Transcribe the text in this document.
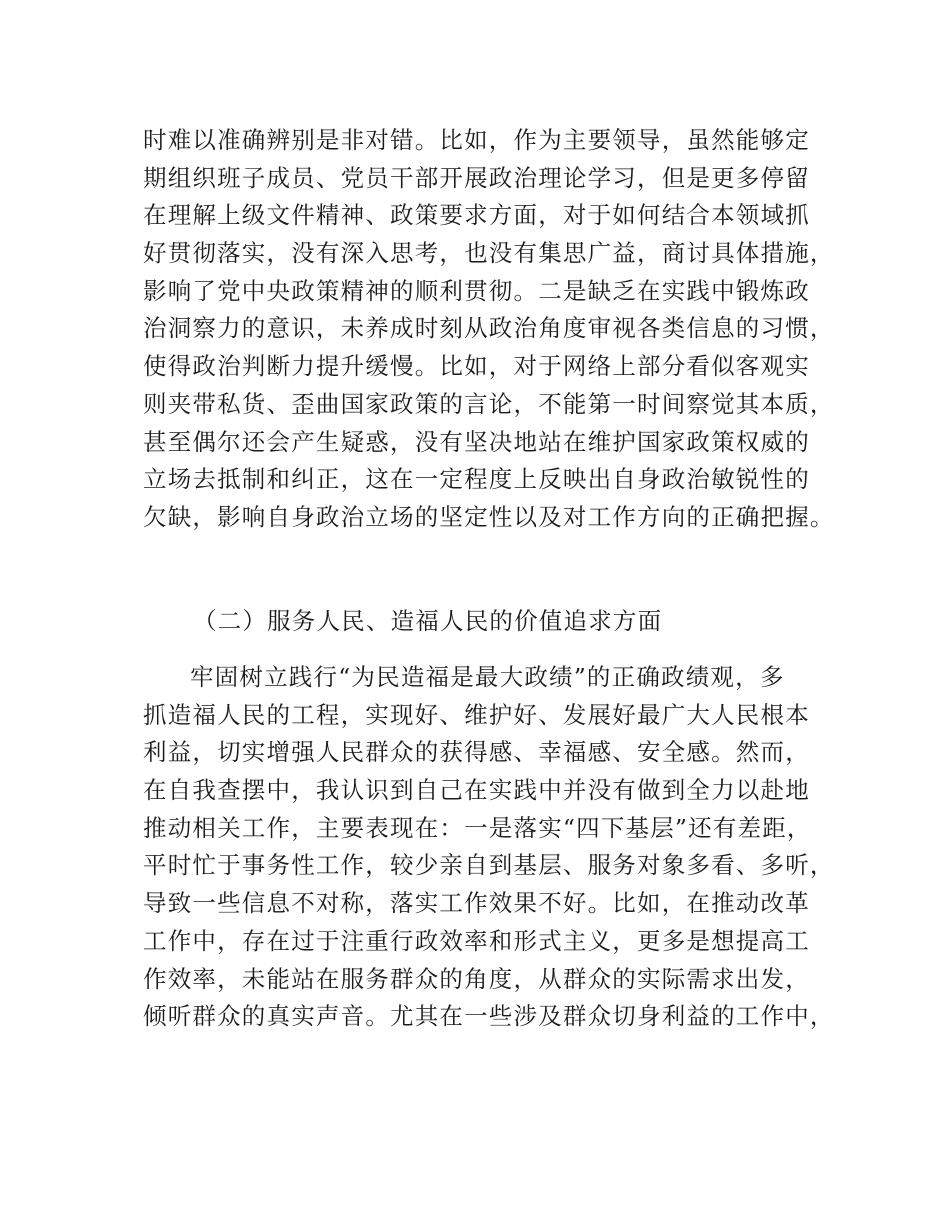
时难以准确辨别是非对错。比如，作为主要领导，虽然能够定
期组织班子成员、党员干部开展政治理论学习，但是更多停留
在理解上级文件精神、政策要求方面，对于如何结合本领域抓
好贯彻落实，没有深入思考，也没有集思广益，商讨具体措施，
影响了党中央政策精神的顺利贯彻。二是缺乏在实践中锻炼政
治洞察力的意识，未养成时刻从政治角度审视各类信息的习惯，
使得政治判断力提升缓慢。比如，对于网络上部分看似客观实
则夹带私货、歪曲国家政策的言论，不能第一时间察觉其本质，
甚至偶尔还会产生疑惑，没有坚决地站在维护国家政策权威的
立场去抵制和纠正，这在一定程度上反映出自身政治敏锐性的
欠缺，影响自身政治立场的坚定性以及对工作方向的正确把握。
（二）服务人民、造福人民的价值追求方面
牢固树立践行“为民造福是最大政绩”的正确政绩观，多
抓造福人民的工程，实现好、维护好、发展好最广大人民根本
利益，切实增强人民群众的获得感、幸福感、安全感。然而，
在自我查摆中，我认识到自己在实践中并没有做到全力以赴地
推动相关工作，主要表现在：一是落实“四下基层”还有差距，
平时忙于事务性工作，较少亲自到基层、服务对象多看、多听，
导致一些信息不对称，落实工作效果不好。比如，在推动改革
工作中，存在过于注重行政效率和形式主义，更多是想提高工
作效率，未能站在服务群众的角度，从群众的实际需求出发，
倾听群众的真实声音。尤其在一些涉及群众切身利益的工作中，
